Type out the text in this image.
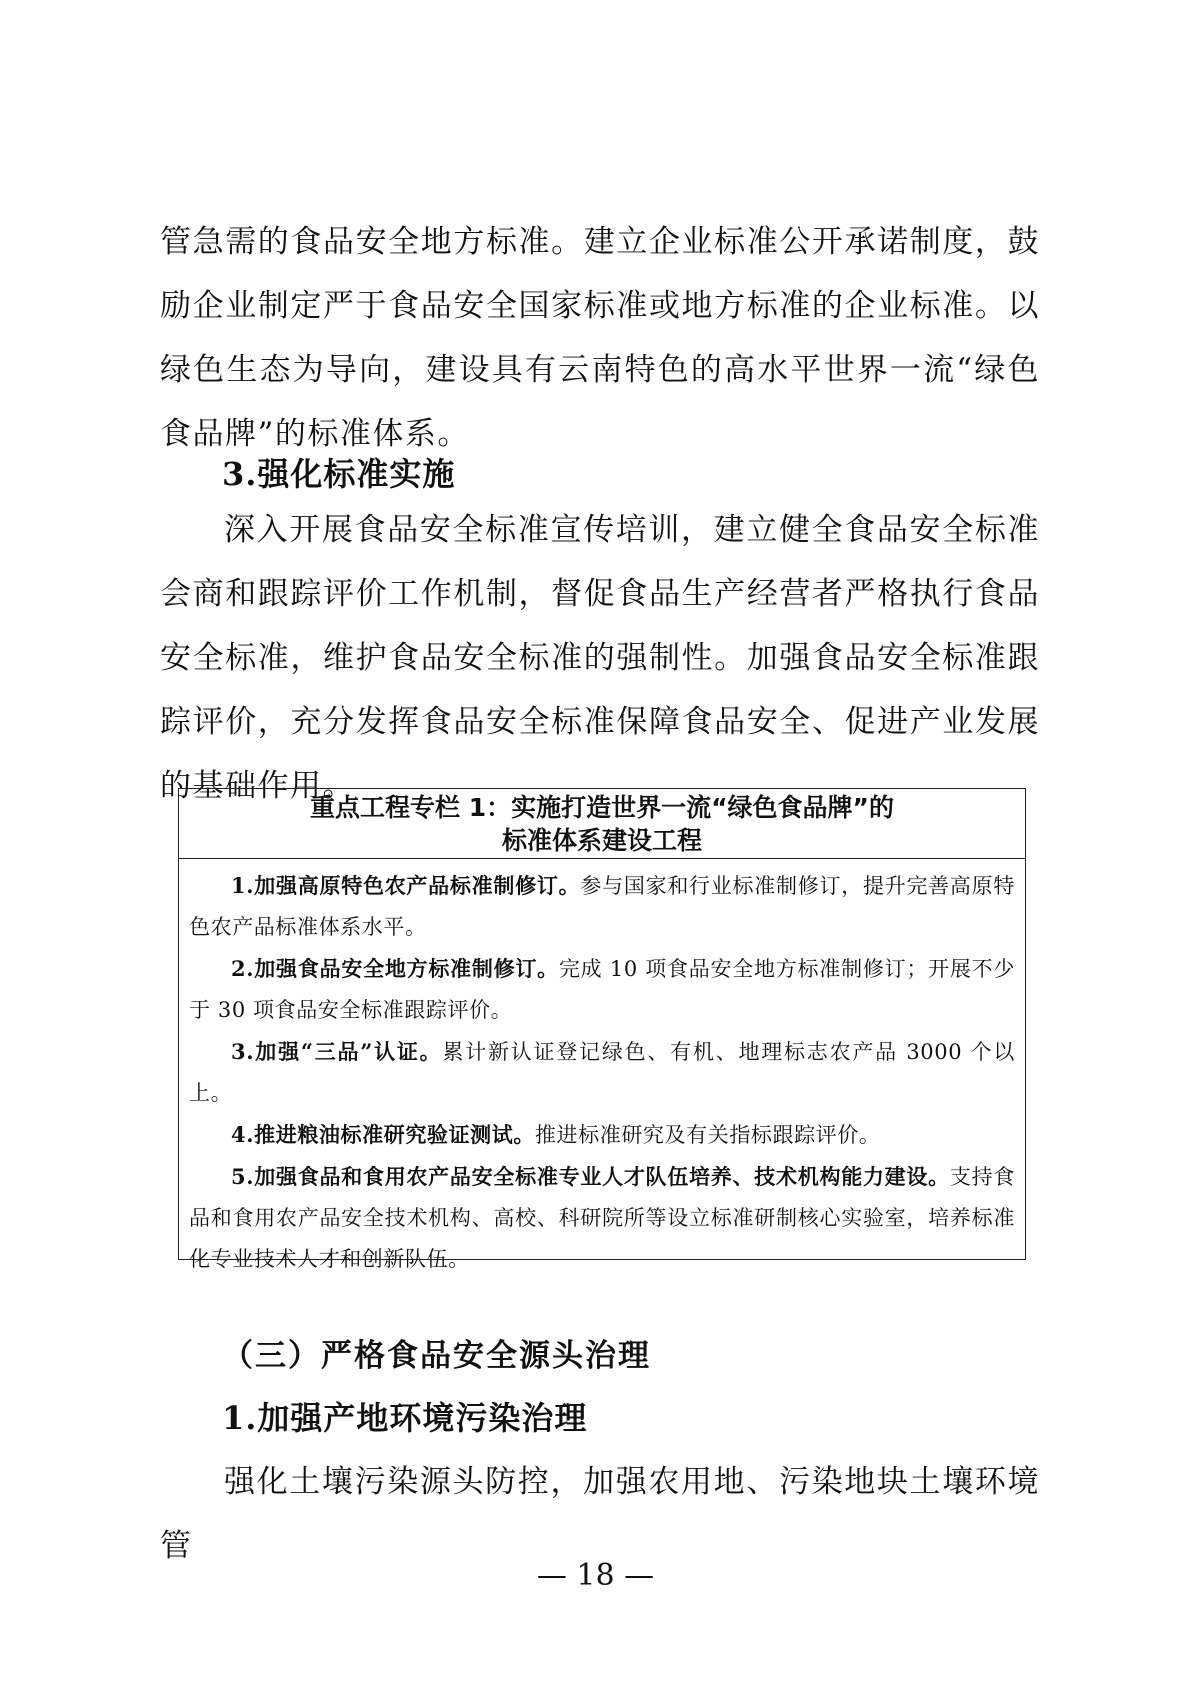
管急需的食品安全地方标准。建立企业标准公开承诺制度，鼓励企业制定严于食品安全国家标准或地方标准的企业标准。以绿色生态为导向，建设具有云南特色的高水平世界一流“绿色食品牌”的标准体系。

3.强化标准实施

深入开展食品安全标准宣传培训，建立健全食品安全标准会商和跟踪评价工作机制，督促食品生产经营者严格执行食品安全标准，维护食品安全标准的强制性。加强食品安全标准跟踪评价，充分发挥食品安全标准保障食品安全、促进产业发展的基础作用。

重点工程专栏 1：实施打造世界一流“绿色食品牌”的
标准体系建设工程

1.加强高原特色农产品标准制修订。参与国家和行业标准制修订，提升完善高原特色农产品标准体系水平。

2.加强食品安全地方标准制修订。完成 10 项食品安全地方标准制修订；开展不少于 30 项食品安全标准跟踪评价。

3.加强“三品”认证。累计新认证登记绿色、有机、地理标志农产品 3000 个以上。

4.推进粮油标准研究验证测试。推进标准研究及有关指标跟踪评价。

5.加强食品和食用农产品安全标准专业人才队伍培养、技术机构能力建设。支持食品和食用农产品安全技术机构、高校、科研院所等设立标准研制核心实验室，培养标准化专业技术人才和创新队伍。

（三）严格食品安全源头治理
1.加强产地环境污染治理

强化土壤污染源头防控，加强农用地、污染地块土壤环境管

— 18 —
